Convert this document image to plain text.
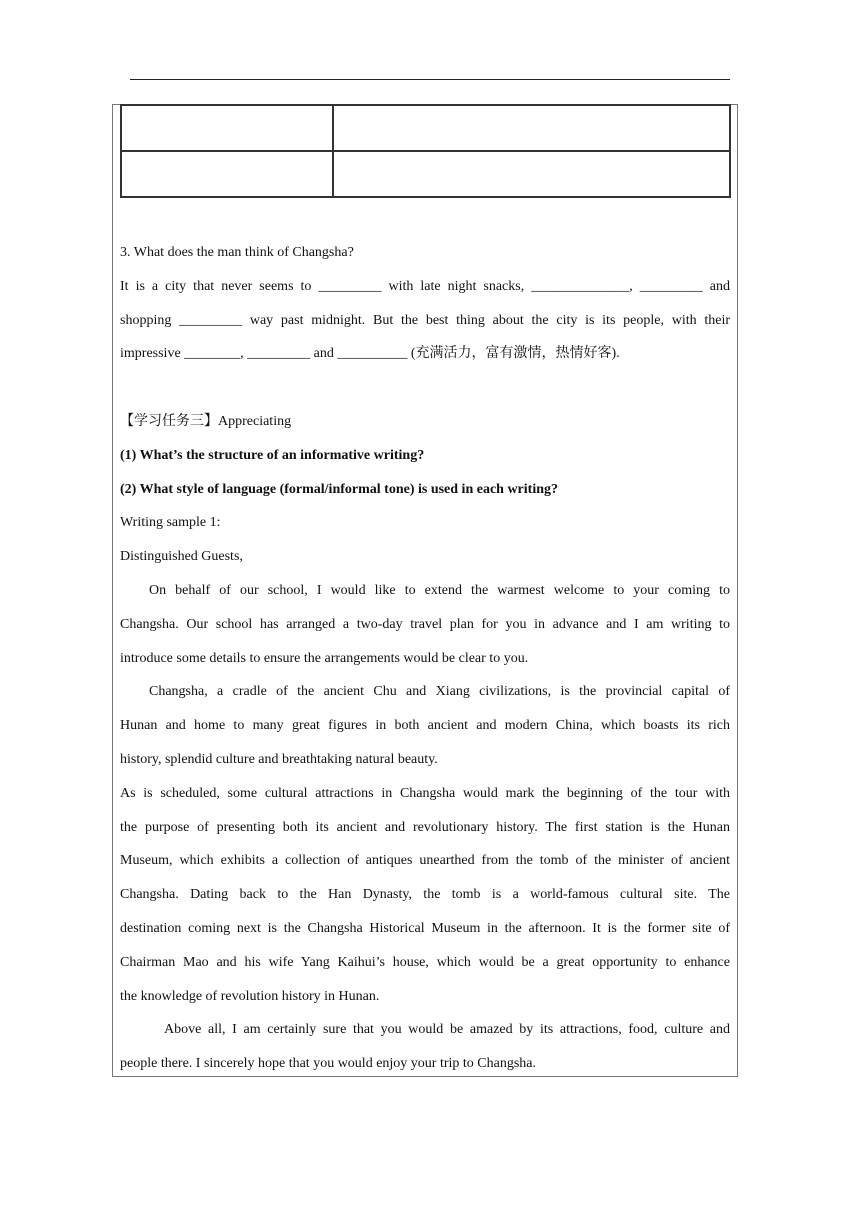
3. What does the man think of Changsha?
It is a city that never seems to _________ with late night snacks, ______________, _________ and
shopping _________ way past midnight. But the best thing about the city is its people, with their
impressive ________, _________ and __________ (充满活力，富有激情，热情好客).
【学习任务三】Appreciating
(1) What’s the structure of an informative writing?
(2) What style of language (formal/informal tone) is used in each writing?
Writing sample 1:
Distinguished Guests,
On behalf of our school, I would like to extend the warmest welcome to your coming to
Changsha. Our school has arranged a two-day travel plan for you in advance and I am writing to
introduce some details to ensure the arrangements would be clear to you.
Changsha, a cradle of the ancient Chu and Xiang civilizations, is the provincial capital of
Hunan and home to many great figures in both ancient and modern China, which boasts its rich
history, splendid culture and breathtaking natural beauty.
As is scheduled, some cultural attractions in Changsha would mark the beginning of the tour with
the purpose of presenting both its ancient and revolutionary history. The first station is the Hunan
Museum, which exhibits a collection of antiques unearthed from the tomb of the minister of ancient
Changsha. Dating back to the Han Dynasty, the tomb is a world-famous cultural site. The
destination coming next is the Changsha Historical Museum in the afternoon. It is the former site of
Chairman Mao and his wife Yang Kaihui’s house, which would be a great opportunity to enhance
the knowledge of revolution history in Hunan.
Above all, I am certainly sure that you would be amazed by its attractions, food, culture and
people there. I sincerely hope that you would enjoy your trip to Changsha.
